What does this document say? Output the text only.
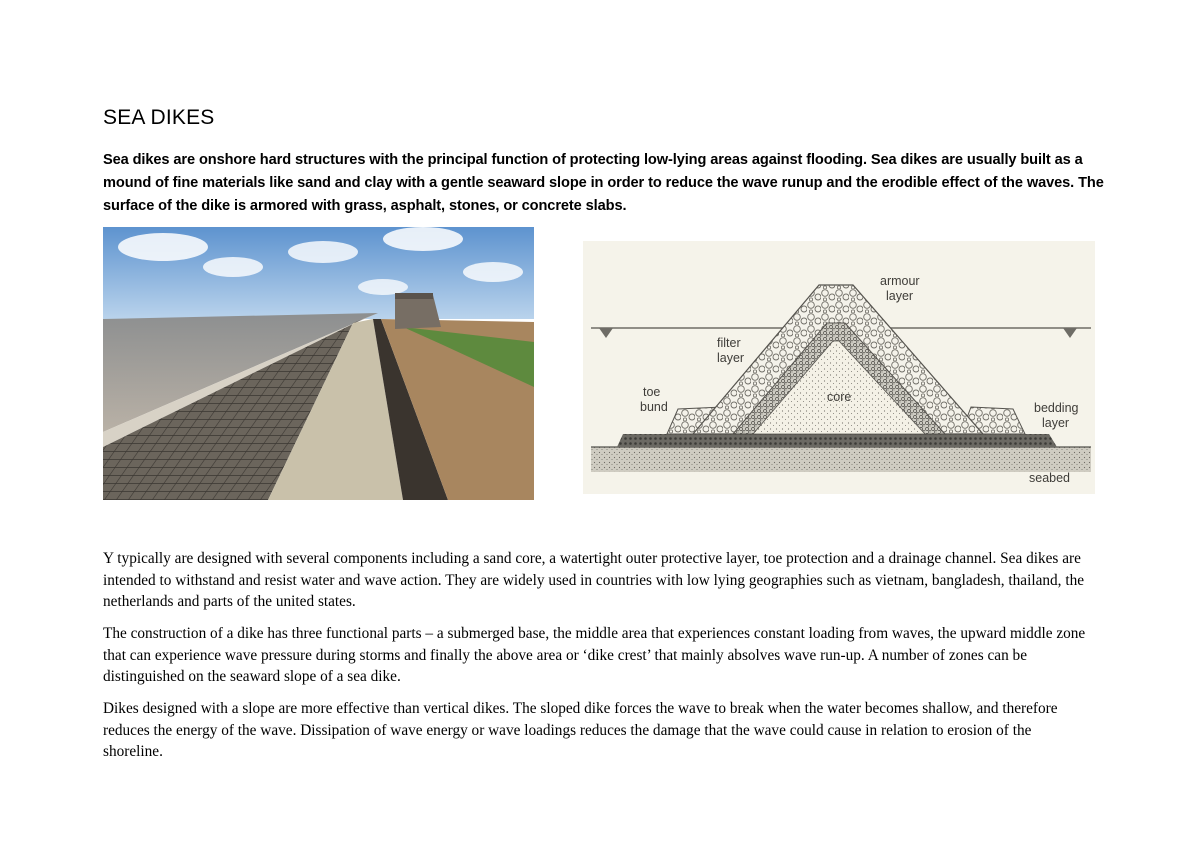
SEA DIKES

Sea dikes are onshore hard structures with the principal function of protecting low-lying areas against flooding. Sea dikes are usually built as a mound of fine materials like sand and clay with a gentle seaward slope in order to reduce the wave runup and the erodible effect of the waves. The surface of the dike is armored with grass, asphalt, stones, or concrete slabs.

armour
layer
filter
layer
toe
bund
core
bedding
layer
seabed

Y typically are designed with several components including a sand core, a watertight outer protective layer, toe protection and a drainage channel. Sea dikes are intended to withstand and resist water and wave action. They are widely used in countries with low lying geographies such as vietnam, bangladesh, thailand, the netherlands and parts of the united states.

The construction of a dike has three functional parts – a submerged base, the middle area that experiences constant loading from waves, the upward middle zone that can experience wave pressure during storms and finally the above area or ‘dike crest’ that mainly absolves wave run-up. A number of zones can be distinguished on the seaward slope of a sea dike.

Dikes designed with a slope are more effective than vertical dikes. The sloped dike forces the wave to break when the water becomes shallow, and therefore reduces the energy of the wave. Dissipation of wave energy or wave loadings reduces the damage that the wave could cause in relation to erosion of the shoreline.
